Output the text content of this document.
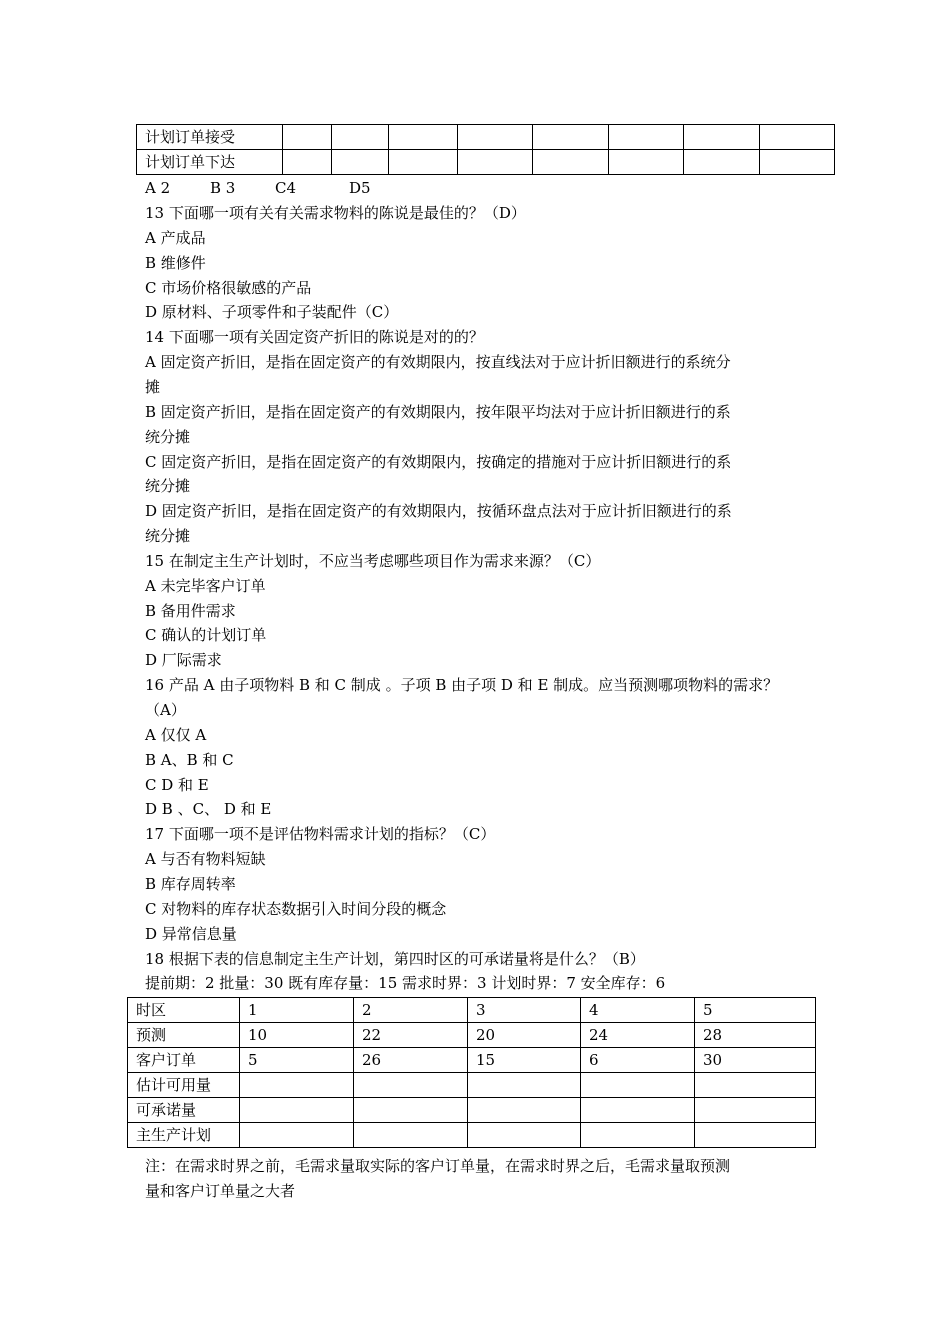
计划订单接受								
计划订单下达								
A 2	B 3	C4	D5
13 下面哪一项有关有关需求物料的陈说是最佳的？（D）
A 产成品
B 维修件
C 市场价格很敏感的产品
D 原材料、子项零件和子装配件（C）
14 下面哪一项有关固定资产折旧的陈说是对的的？
A 固定资产折旧，是指在固定资产的有效期限内，按直线法对于应计折旧额进行的系统分
摊
B 固定资产折旧，是指在固定资产的有效期限内，按年限平均法对于应计折旧额进行的系
统分摊
C 固定资产折旧，是指在固定资产的有效期限内，按确定的措施对于应计折旧额进行的系
统分摊
D 固定资产折旧，是指在固定资产的有效期限内，按循环盘点法对于应计折旧额进行的系
统分摊
15 在制定主生产计划时，不应当考虑哪些项目作为需求来源？（C）
A 未完毕客户订单
B 备用件需求
C 确认的计划订单
D 厂际需求
16 产品 A 由子项物料 B 和 C 制成 。子项 B 由子项 D 和 E 制成。应当预测哪项物料的需求？
（A）
A 仅仅 A
B A、B 和 C
C D 和 E
D B 、C、 D 和 E
17 下面哪一项不是评估物料需求计划的指标？（C）
A 与否有物料短缺
B 库存周转率
C 对物料的库存状态数据引入时间分段的概念
D 异常信息量
18 根据下表的信息制定主生产计划，第四时区的可承诺量将是什么？（B）
提前期：2 批量：30 既有库存量：15 需求时界：3 计划时界：7 安全库存：6
时区	1	2	3	4	5
预测	10	22	20	24	28
客户订单	5	26	15	6	30
估计可用量					
可承诺量					
主生产计划					
注：在需求时界之前，毛需求量取实际的客户订单量，在需求时界之后，毛需求量取预测
量和客户订单量之大者
